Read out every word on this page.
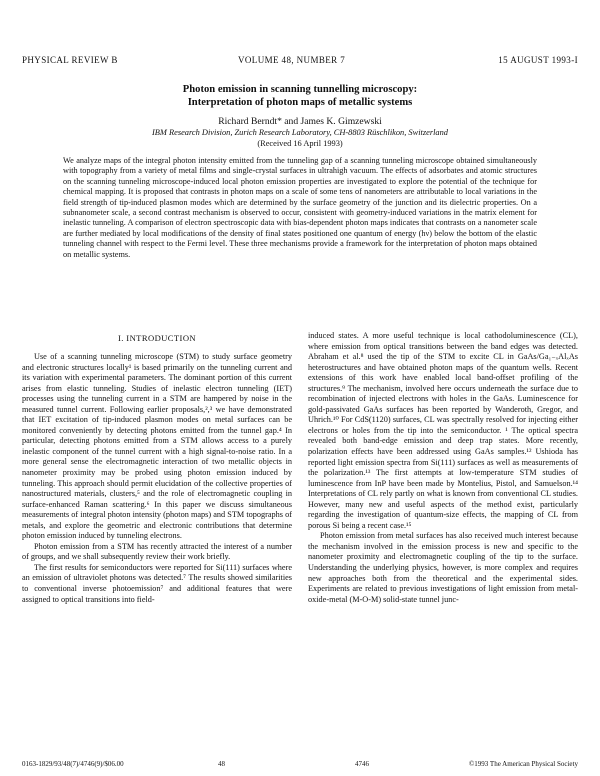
PHYSICAL REVIEW B	VOLUME 48, NUMBER 7	15 AUGUST 1993-I
Photon emission in scanning tunnelling microscopy:
Interpretation of photon maps of metallic systems
Richard Berndt* and James K. Gimzewski
IBM Research Division, Zurich Research Laboratory, CH-8803 Rüschlikon, Switzerland
(Received 16 April 1993)
We analyze maps of the integral photon intensity emitted from the tunneling gap of a scanning tunneling microscope obtained simultaneously with topography from a variety of metal films and single-crystal surfaces in ultrahigh vacuum. The effects of adsorbates and atomic structures on the scanning tunneling microscope-induced local photon emission properties are investigated to explore the potential of the technique for chemical mapping. It is proposed that contrasts in photon maps on a scale of some tens of nanometers are attributable to local variations in the field strength of tip-induced plasmon modes which are determined by the surface geometry of the junction and its dielectric properties. On a subnanometer scale, a second contrast mechanism is observed to occur, consistent with geometry-induced variations in the matrix element for inelastic tunneling. A comparison of electron spectroscopic data with bias-dependent photon maps indicates that contrasts on a nanometer scale are further mediated by local modifications of the density of final states positioned one quantum of energy (hν) below the bottom of the elastic tunneling channel with respect to the Fermi level. These three mechanisms provide a framework for the interpretation of photon maps obtained on metallic systems.
I. INTRODUCTION

Use of a scanning tunneling microscope (STM) to study surface geometry and electronic structures locally¹ is based primarily on the tunneling current and its variation with experimental parameters. The dominant portion of this current arises from elastic tunneling. Studies of inelastic electron tunneling (IET) processes using the tunneling current in a STM are hampered by noise in the measured tunnel current. Following earlier proposals,²,³ we have demonstrated that IET excitation of tip-induced plasmon modes on metal surfaces can be monitored conveniently by detecting photons emitted from the tunnel gap.⁴ In particular, detecting photons emitted from a STM allows access to a purely inelastic component of the tunnel current with a high signal-to-noise ratio. In a more general sense the electromagnetic interaction of two metallic objects in nanometer proximity may be probed using photon emission induced by tunneling. This approach should permit elucidation of the collective properties of nanostructured materials, clusters,⁵ and the role of electromagnetic coupling in surface-enhanced Raman scattering.⁶ In this paper we discuss simultaneous measurements of integral photon intensity (photon maps) and STM topographs of metals, and explore the geometric and electronic contributions that determine photon emission induced by tunneling electrons.

Photon emission from a STM has recently attracted the interest of a number of groups, and we shall subsequently review their work briefly.

The first results for semiconductors were reported for Si(111) surfaces where an emission of ultraviolet photons was detected.⁷ The results showed similarities to conventional inverse photoemission⁷ and additional features that were assigned to optical transitions into field-

induced states. A more useful technique is local cathodoluminescence (CL), where emission from optical transitions between the band edges was detected. Abraham et al.⁸ used the tip of the STM to excite CL in GaAs/Ga₁₋ₓAlₓAs heterostructures and have obtained photon maps of the quantum wells. Recent extensions of this work have enabled local band-offset profiling of the structures.⁹ The mechanism, involved here occurs underneath the surface due to recombination of injected electrons with holes in the GaAs. Luminescence for gold-passivated GaAs surfaces has been reported by Wanderoth, Gregor, and Uhrich.¹⁰ For CdS(1120) surfaces, CL was spectrally resolved for injecting either electrons or holes from the tip into the semiconductor. ¹ The optical spectra revealed both band-edge emission and deep trap states. More recently, polarization effects have been addressed using GaAs samples.¹² Ushioda has reported light emission spectra from Si(111) surfaces as well as measurements of the polarization.¹³ The first attempts at low-temperature STM studies of luminescence from InP have been made by Montelius, Pistol, and Samuelson.¹⁴ Interpretations of CL rely partly on what is known from conventional CL studies. However, many new and useful aspects of the method exist, particularly regarding the investigation of quantum-size effects, the mapping of CL from porous Si being a recent case.¹⁵

Photon emission from metal surfaces has also received much interest because the mechanism involved in the emission process is new and specific to the nanometer proximity and electromagnetic coupling of the tip to the surface. Understanding the underlying physics, however, is more complex and requires new approaches both from the theoretical and the experimental sides. Experiments are related to previous investigations of light emission from metal-oxide-metal (M-O-M) solid-state tunnel junc-

0163-1829/93/48(7)/4746(9)/$06.00	48	4746	©1993 The American Physical Society
